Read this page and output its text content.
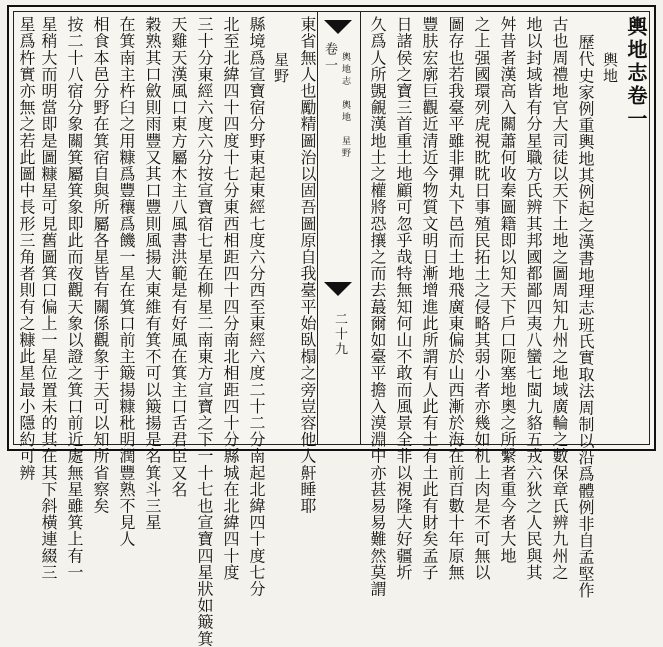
輿地志卷一
輿地
歷代史家例重輿地其例起之漢書地理志班氏實取法周制以沿爲體例非自孟堅作
古也周禮地官大司徒以天下土地之圖周知九州之地域廣輪之數保章氏辨九州之
地以封域皆有分星職方氏辨其邦國都鄙四夷八蠻七閩九貉五戎六狄之人民與其
舛昔者漢高入關蕭何收秦圖籍即以知天下戶口阨塞地奧之所繫者重今者大地
之上强國環列虎視眈眈日事殖民拓土之侵略其弱小者亦幾如机上肉是不可無以
圖存也若我臺平雖非彈丸下邑而土地飛廣東偏於山西漸於海在前百數十年原無
豐肤宏廓巨觀近清近今物質文明日漸增進此所謂有人此有土有土此有財矣孟子
日諸侯之寶三首重土地顧可忽乎哉特無知何山不敢而風景全非以視隆大好疆圻
久爲人所覬覦漢地土之權將恐攘之而去蕞爾如臺平擔入漠淵中亦甚易易難然莫謂
卷一 輿地志　輿地　星野
二十九
東省無人也勵精圖治以固吾圖原自我臺平始臥榻之旁豈容他人鼾睡耶
星野
縣境爲宣寶宿分野東起東經七度六分西至東經六度二十二分南起北緯四十度七分
北至北緯四十四度十七分東西相距四十四分南北相距四十分縣城在北緯四十度
三十分東經六度六分按宣寶宿七星在柳星二南東方宣寶之下一十七也宣寶四星狀如簸箕
天雞天漢風口東方屬木主八風書洪範是有好風在箕主口舌君臣又名
穀熟其口斂則雨豐又其口豐則風揚大東維有箕不可以簸揚是名箕斗三星
在箕南主杵臼之用糠爲豐穰爲饑一星在箕口前主簸揚糠秕明潤豐熟不見人
相食本邑分野在箕宿自與所屬各星皆有關係觀象于天可以知所省察矣
按二十八宿分象關箕屬箕象即此而夜觀天象以證之箕口前近處無星雖箕上有一
星稍大而明當即是圖糠星可見舊圖箕口偏上一星位置未的其在其下斜橫連綴三
星爲杵實亦無之若此圖中長形三角者則有之糠此星最小隱約可辨
